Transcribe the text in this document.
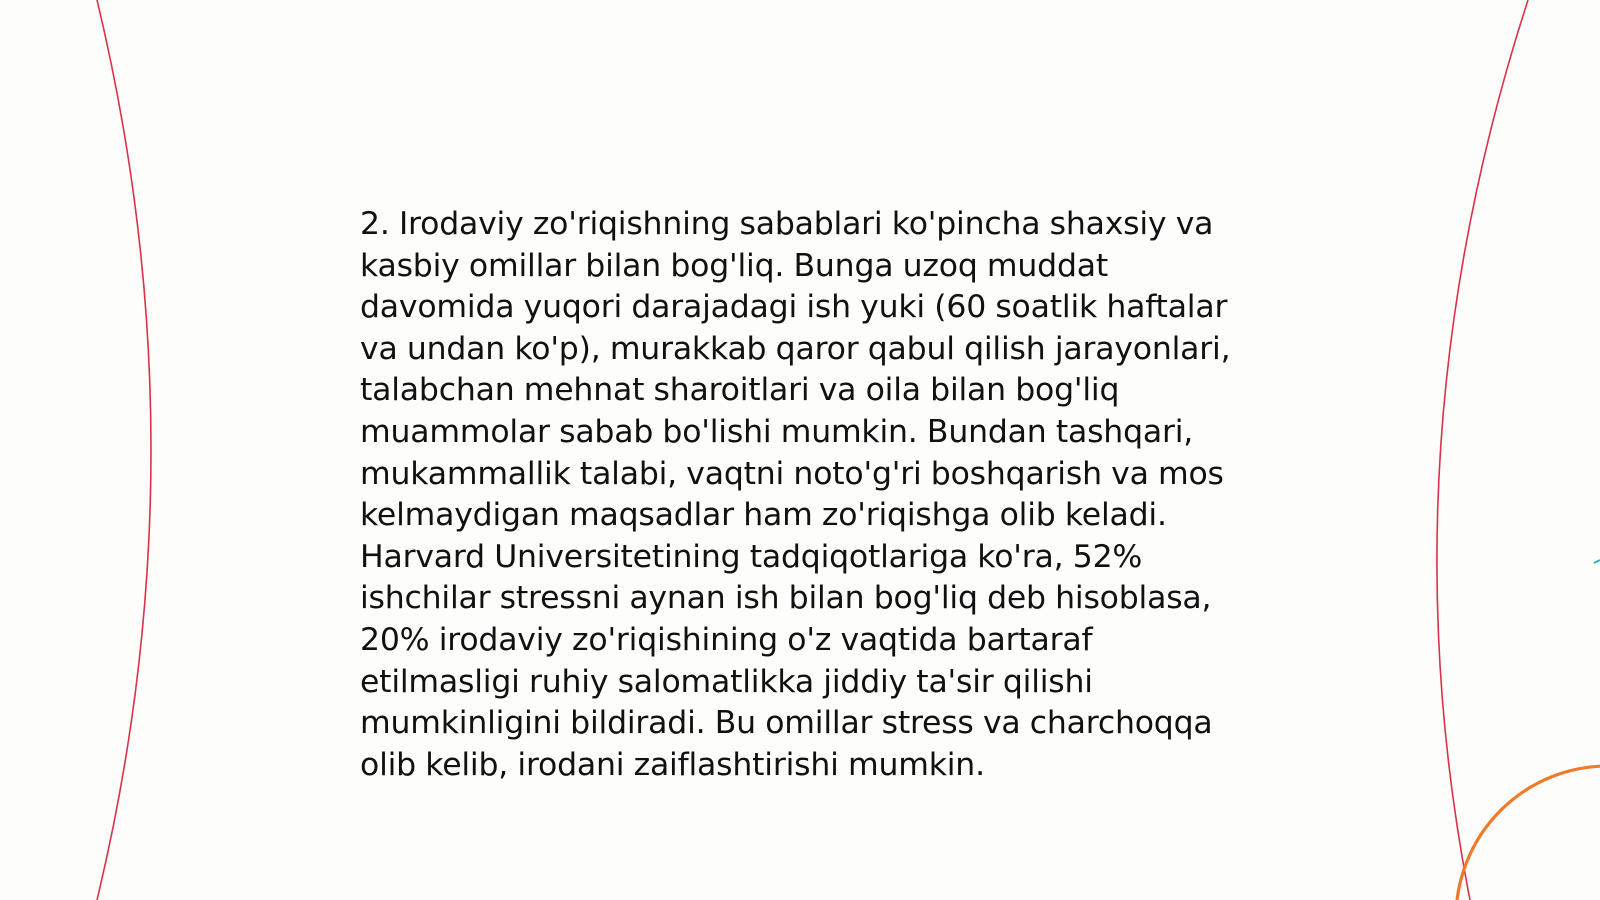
2. Irodaviy zo'riqishning sabablari ko'pincha shaxsiy va kasbiy omillar bilan bog'liq. Bunga uzoq muddat davomida yuqori darajadagi ish yuki (60 soatlik haftalar va undan ko'p), murakkab qaror qabul qilish jarayonlari, talabchan mehnat sharoitlari va oila bilan bog'liq muammolar sabab bo'lishi mumkin. Bundan tashqari, mukammallik talabi, vaqtni noto'g'ri boshqarish va mos kelmaydigan maqsadlar ham zo'riqishga olib keladi. Harvard Universitetining tadqiqotlariga ko'ra, 52% ishchilar stressni aynan ish bilan bog'liq deb hisoblasa, 20% irodaviy zo'riqishining o'z vaqtida bartaraf etilmasligi ruhiy salomatlikka jiddiy ta'sir qilishi mumkinligini bildiradi. Bu omillar stress va charchoqqa olib kelib, irodani zaiflashtirishi mumkin.
